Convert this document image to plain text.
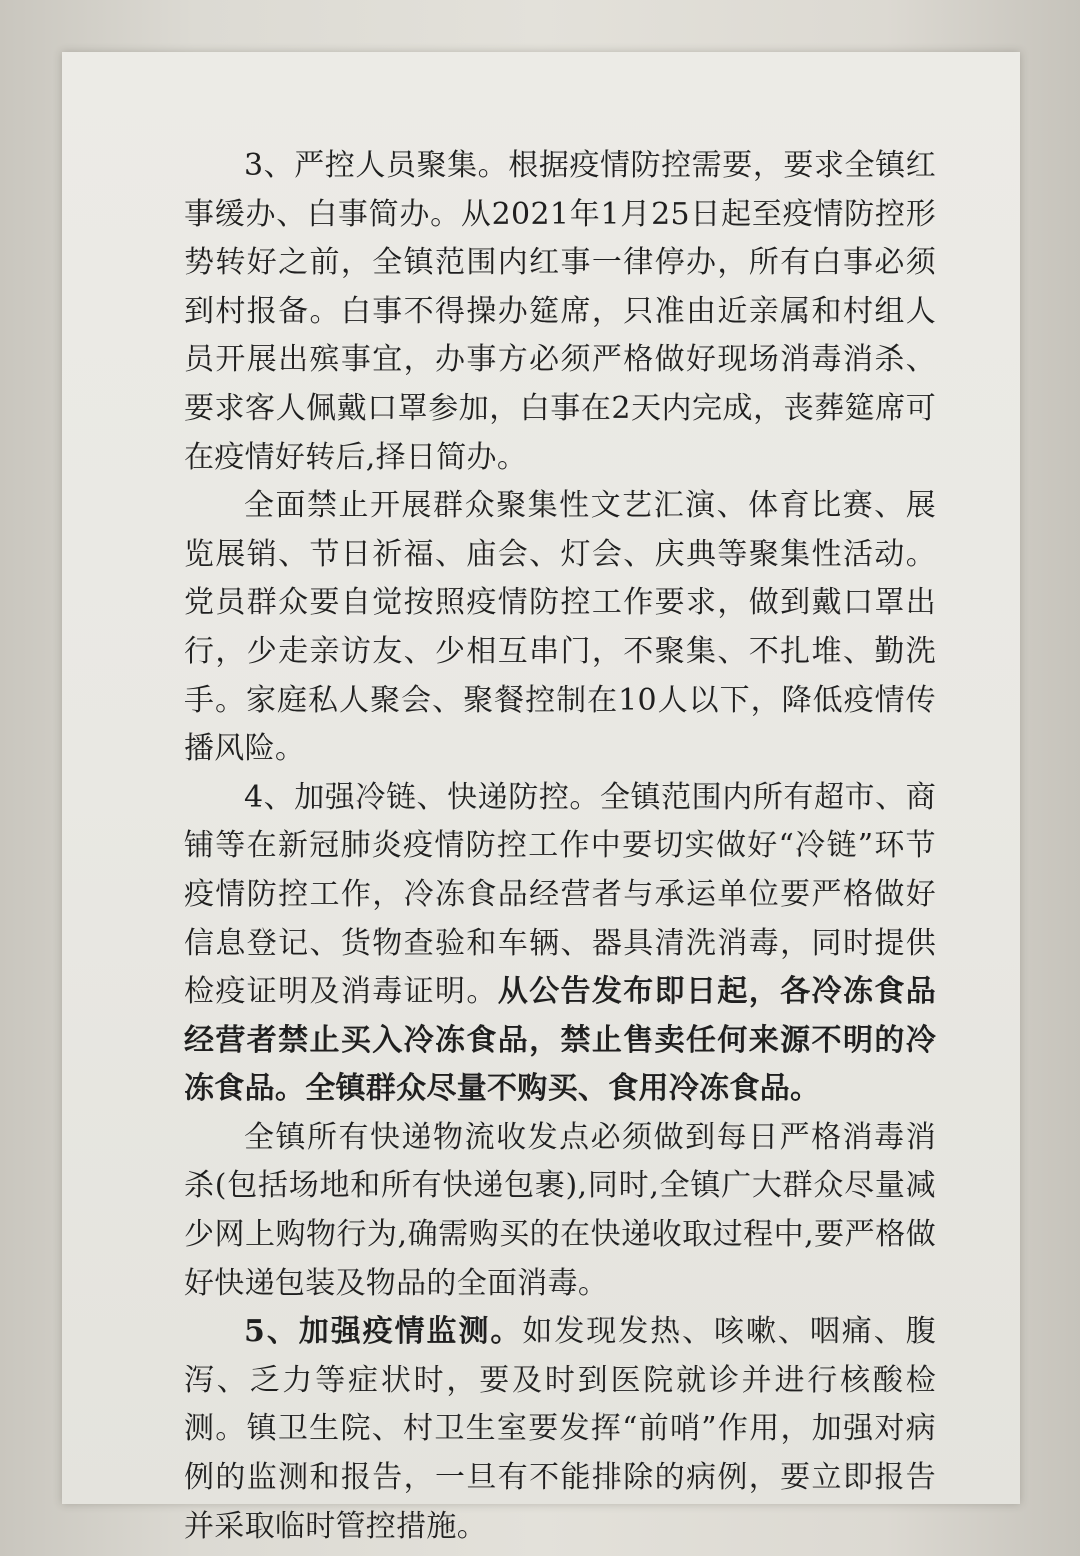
3、严控人员聚集。根据疫情防控需要，要求全镇红事缓办、白事简办。从2021年1月25日起至疫情防控形势转好之前，全镇范围内红事一律停办，所有白事必须到村报备。白事不得操办筵席，只准由近亲属和村组人员开展出殡事宜，办事方必须严格做好现场消毒消杀、要求客人佩戴口罩参加，白事在2天内完成，丧葬筵席可在疫情好转后,择日简办。

全面禁止开展群众聚集性文艺汇演、体育比赛、展览展销、节日祈福、庙会、灯会、庆典等聚集性活动。党员群众要自觉按照疫情防控工作要求，做到戴口罩出行，少走亲访友、少相互串门，不聚集、不扎堆、勤洗手。家庭私人聚会、聚餐控制在10人以下，降低疫情传播风险。

4、加强冷链、快递防控。全镇范围内所有超市、商铺等在新冠肺炎疫情防控工作中要切实做好“冷链”环节疫情防控工作，冷冻食品经营者与承运单位要严格做好信息登记、货物查验和车辆、器具清洗消毒，同时提供检疫证明及消毒证明。从公告发布即日起，各冷冻食品经营者禁止买入冷冻食品，禁止售卖任何来源不明的冷冻食品。全镇群众尽量不购买、食用冷冻食品。

全镇所有快递物流收发点必须做到每日严格消毒消杀(包括场地和所有快递包裹),同时,全镇广大群众尽量减少网上购物行为,确需购买的在快递收取过程中,要严格做好快递包装及物品的全面消毒。

5、加强疫情监测。如发现发热、咳嗽、咽痛、腹泻、乏力等症状时，要及时到医院就诊并进行核酸检测。镇卫生院、村卫生室要发挥“前哨”作用，加强对病例的监测和报告，一旦有不能排除的病例，要立即报告并采取临时管控措施。
